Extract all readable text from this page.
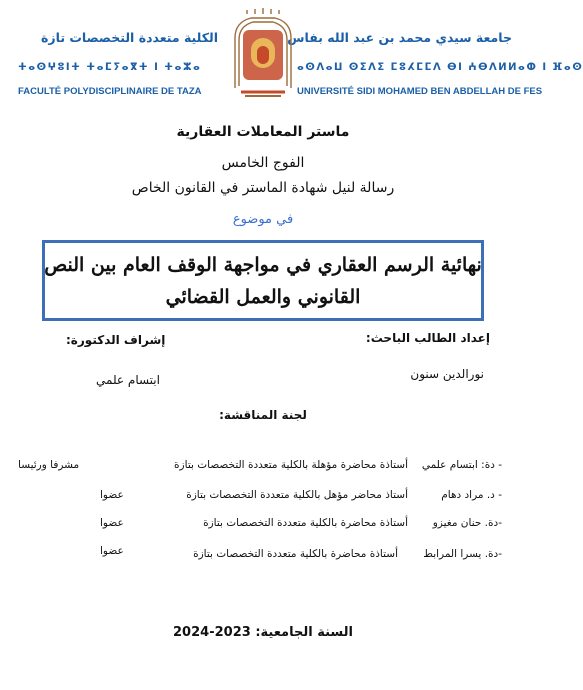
جامعة سيدي محمد بن عبد الله بفاس
ⴰⵙⴷⴰⵡ ⵙⵉⴷⵉ ⵎⵓⵃⵎⵎⴷ ⴱⵏ ⵄⴱⴷⵍⵍⴰⵀ ⵏ ⴼⴰⵙ
UNIVERSITÉ SIDI MOHAMED BEN ABDELLAH DE FES
الكلية متعددة التخصصات تازة
ⵜⴰⵙⵖⵓⵏⵜ ⵜⴰⵎⵢⴰⴳⵜ ⵏ ⵜⴰⵣⴰ
FACULTÉ POLYDISCIPLINAIRE DE TAZA
ماستر المعاملات العقارية
الفوج الخامس
رسالة لنيل شهادة الماستر في القانون الخاص
في موضوع
نهائية الرسم العقاري في مواجهة الوقف العام بين النص
القانوني والعمل القضائي
إعداد الطالب الباحث:
إشراف الدكتورة:
نورالدين سنون
ابتسام علمي
لجنة المناقشة:
- دة: ابتسام علمي
أستاذة محاضرة مؤهلة بالكلية متعددة التخصصات بتازة
مشرفا ورئيسا
- د. مراد دهام
أستاذ محاضر مؤهل بالكلية متعددة التخصصات بتازة
عضوا
-دة. حنان مغيزو
أستاذة محاضرة بالكلية متعددة التخصصات بتازة
عضوا
-دة. يسرا المرابط
أستاذة محاضرة بالكلية متعددة التخصصات بتازة
عضوا
السنة الجامعية: 2023-2024
